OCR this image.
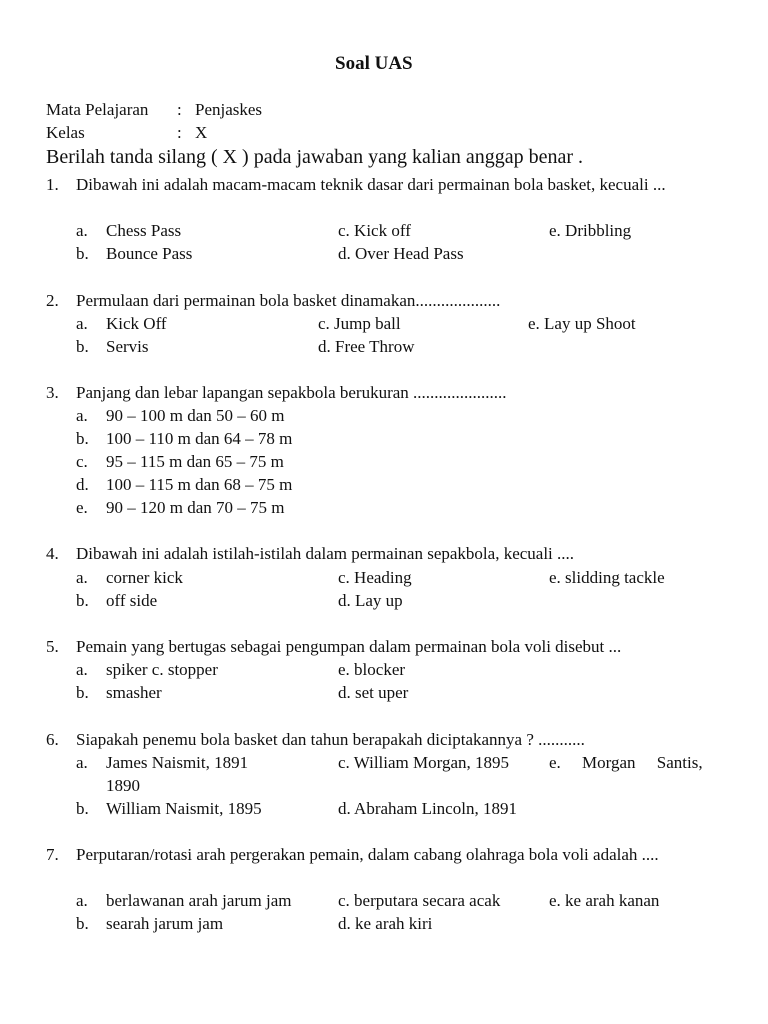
Soal UAS
Mata Pelajaran : Penjaskes
Kelas	: X
Berilah tanda silang ( X ) pada jawaban yang kalian anggap benar .
1. Dibawah ini adalah macam-macam teknik dasar dari permainan bola basket, kecuali ...
a. Chess Pass
b. Bounce Pass
c. Kick off
d. Over Head Pass
e. Dribbling
2. Permulaan dari permainan bola basket dinamakan....................
a. Kick Off
b. Servis
c. Jump ball
d. Free Throw
e. Lay up Shoot
3. Panjang dan lebar lapangan sepakbola berukuran ......................
a. 90 – 100 m dan 50 – 60 m
b. 100 – 110 m dan 64 – 78 m
c. 95 – 115 m dan 65 – 75 m
d. 100 – 115 m dan 68 – 75 m
e. 90 – 120 m dan 70 – 75 m
4. Dibawah ini adalah istilah-istilah dalam permainan sepakbola, kecuali ....
a. corner kick
b. off side
c. Heading
d. Lay up
e. slidding tackle
5. Pemain yang bertugas sebagai pengumpan dalam permainan bola voli disebut ...
a. spiker c. stopper
b. smasher
e. blocker
d. set uper
6. Siapakah penemu bola basket dan tahun berapakah diciptakannya ? ...........
a. James Naismit, 1891
b. William Naismit, 1895
c. William Morgan, 1895
d. Abraham Lincoln, 1891
e.     Morgan     Santis,
1890
7. Perputaran/rotasi arah pergerakan pemain, dalam cabang olahraga bola voli adalah ....
a. berlawanan arah jarum jam
b. searah jarum jam
c. berputara secara acak
d. ke arah kiri
e. ke arah kanan
